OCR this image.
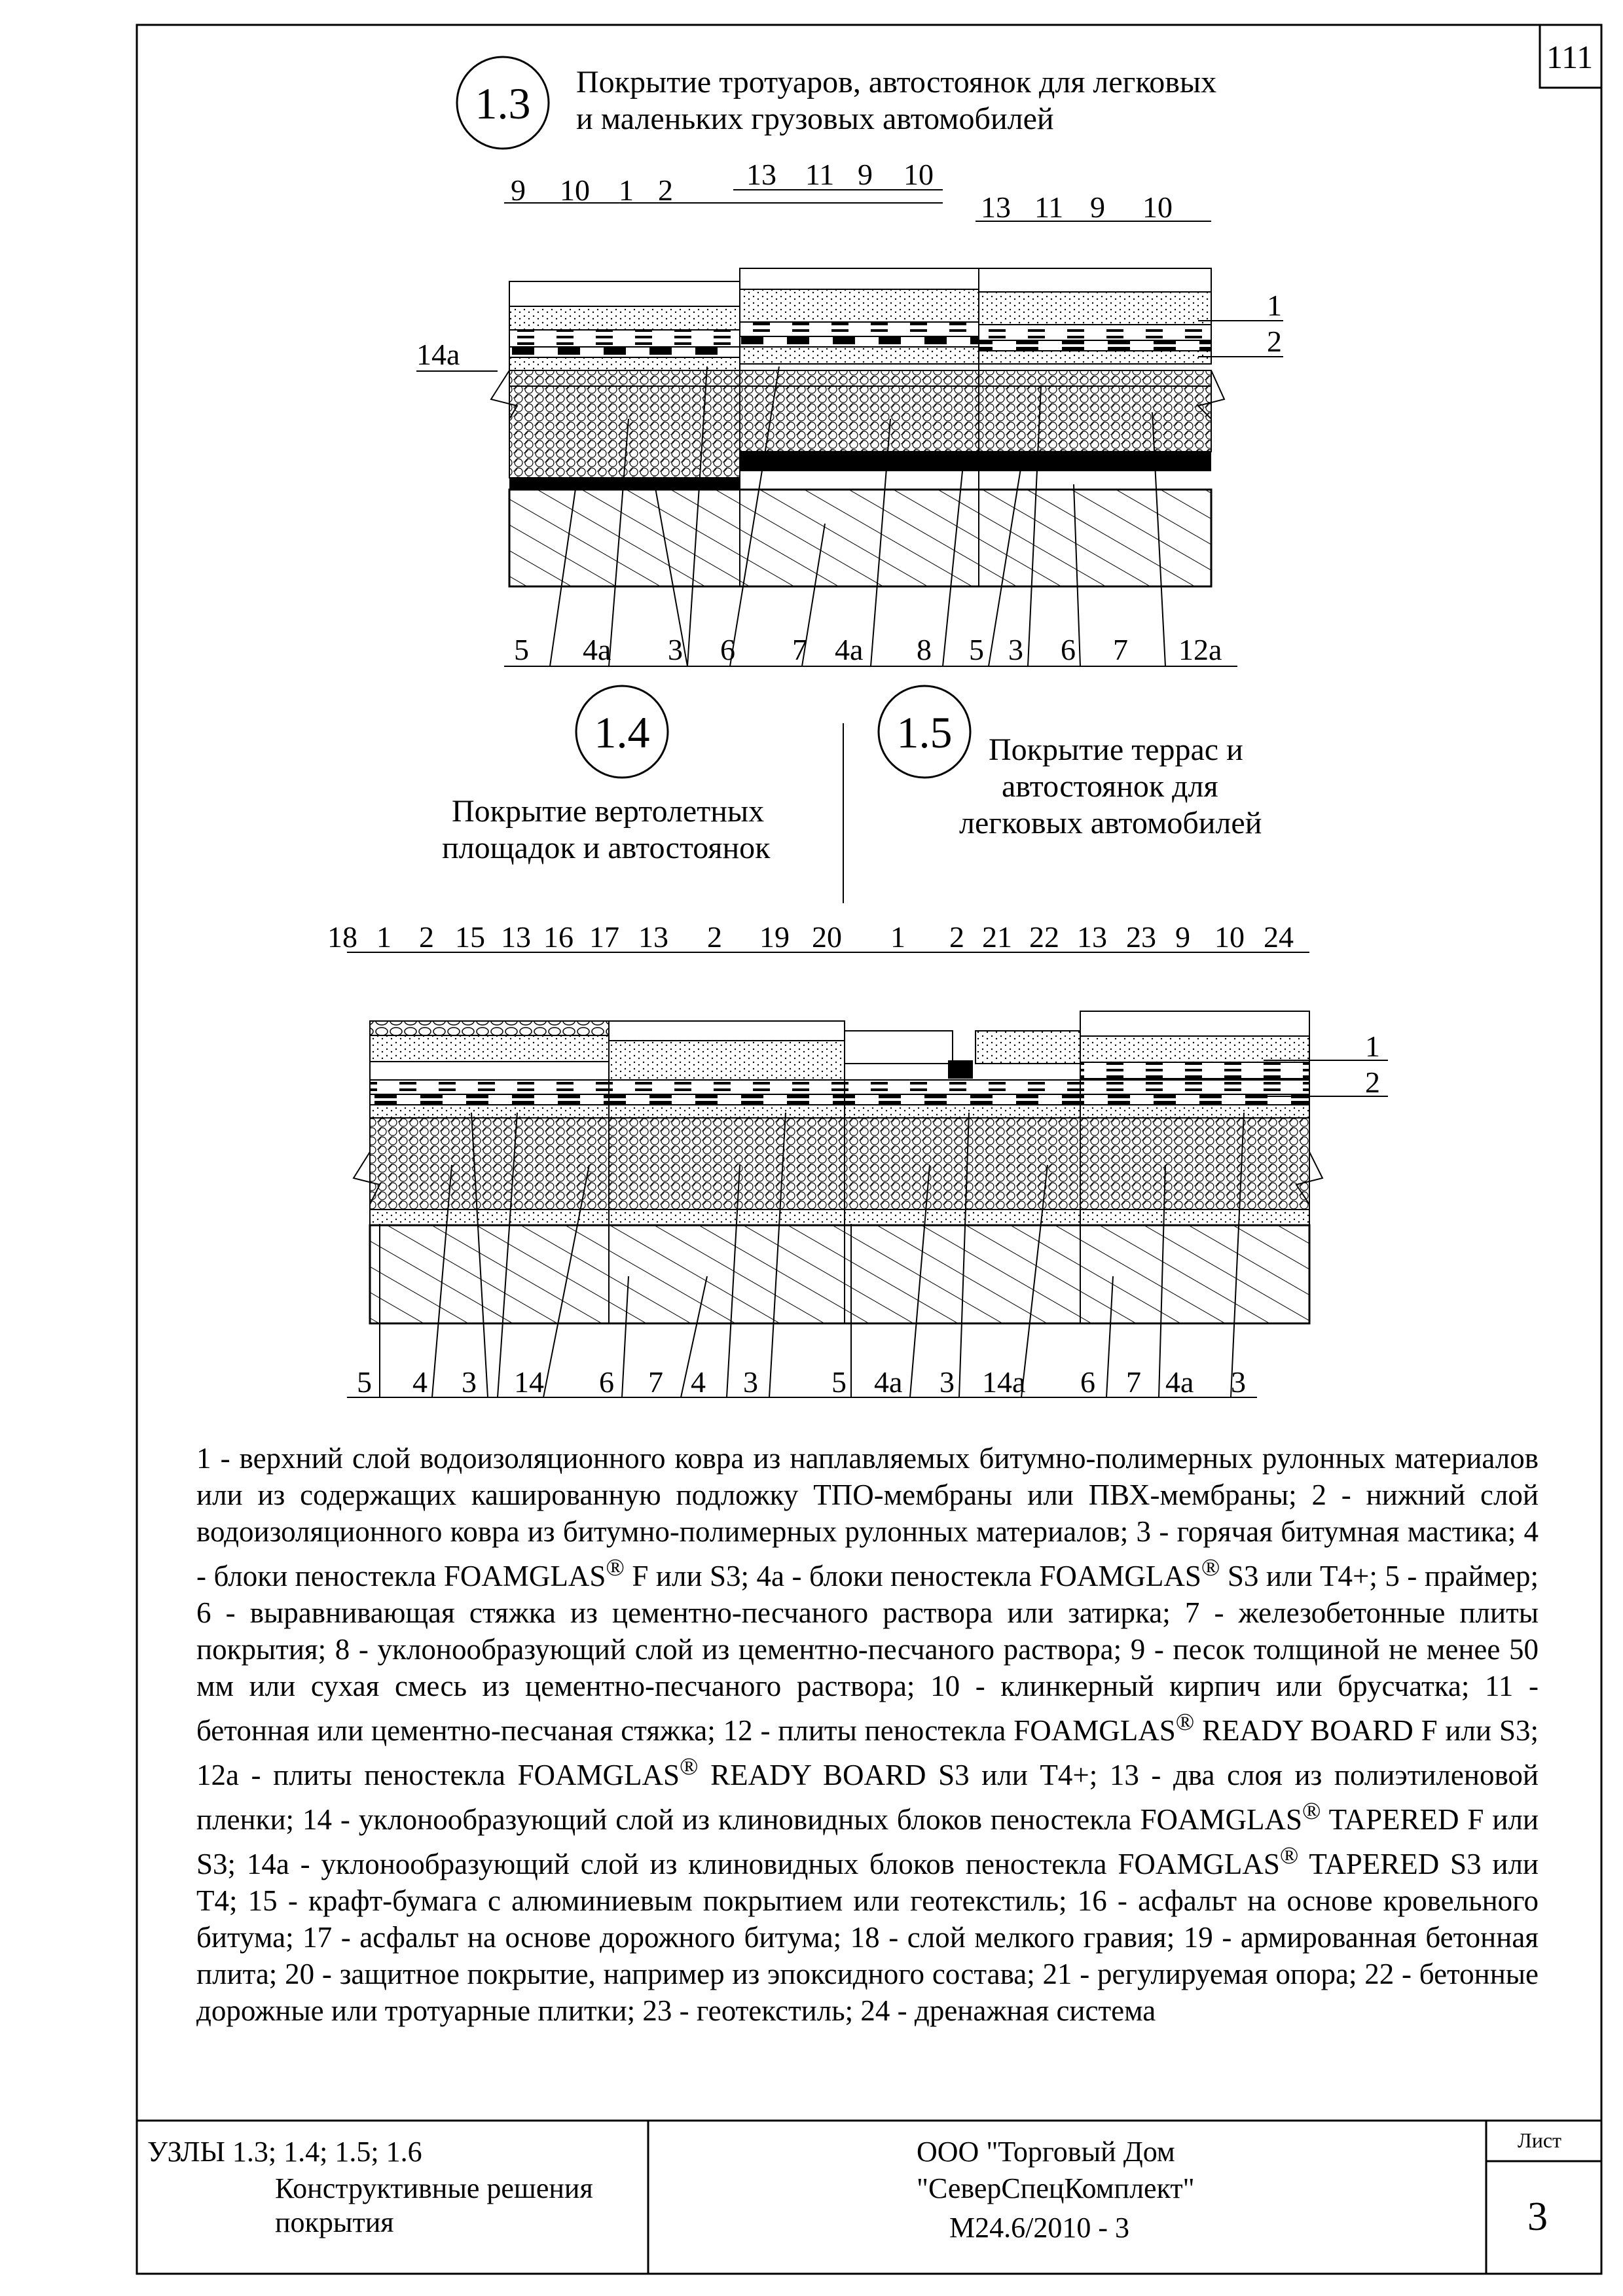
111
1.3	Покрытие тротуаров, автостоянок для легковых
и маленьких грузовых автомобилей
9 10 1 2 13 11 9 10
13 11 9 10
1
2
14а
5 4а 3 6 7 4а 8 5 3 6 7 12а
1.4	1.5
Покрытие вертолетных
площадок и автостоянок
Покрытие террас и
автостоянок для
легковых автомобилей
18 1 2 15 13 16 17 13 2 19 20 1 2 21 22 13 23 9 10 24
1
2
5 4 3 14 6 7 4 3 5 4а 3 14а 6 7 4а 3

1 - верхний слой водоизоляционного ковра из наплавляемых битумно-полимерных рулонных материалов или из содержащих кашированную подложку ТПО-мембраны или ПВХ-мембраны; 2 - нижний слой водоизоляционного ковра из битумно-полимерных рулонных материалов; 3 - горячая битумная мастика; 4 - блоки пеностекла FOAMGLAS® F или S3; 4а - блоки пеностекла FOAMGLAS® S3 или T4+; 5 - праймер; 6 - выравнивающая стяжка из цементно-песчаного раствора или затирка; 7 - железобетонные плиты покрытия; 8 - уклонообразующий слой из цементно-песчаного раствора; 9 - песок толщиной не менее 50 мм или сухая смесь из цементно-песчаного раствора; 10 - клинкерный кирпич или брусчатка; 11 - бетонная или цементно-песчаная стяжка; 12 - плиты пеностекла FOAMGLAS® READY BOARD F или S3; 12а - плиты пеностекла FOAMGLAS® READY BOARD S3 или T4+; 13 - два слоя из полиэтиленовой пленки; 14 - уклонообразующий слой из клиновидных блоков пеностекла FOAMGLAS® TAPERED F или S3; 14а - уклонообразующий слой из клиновидных блоков пеностекла FOAMGLAS® TAPERED S3 или T4; 15 - крафт-бумага с алюминиевым покрытием или геотекстиль; 16 - асфальт на основе кровельного битума; 17 - асфальт на основе дорожного битума; 18 - слой мелкого гравия; 19 - армированная бетонная плита; 20 - защитное покрытие, например из эпоксидного состава; 21 - регулируемая опора; 22 - бетонные дорожные или тротуарные плитки; 23 - геотекстиль; 24 - дренажная система

УЗЛЫ 1.3; 1.4; 1.5; 1.6
Конструктивные решения
покрытия
ООО "Торговый Дом
"СеверСпецКомплект"
М24.6/2010 - 3
Лист
3
